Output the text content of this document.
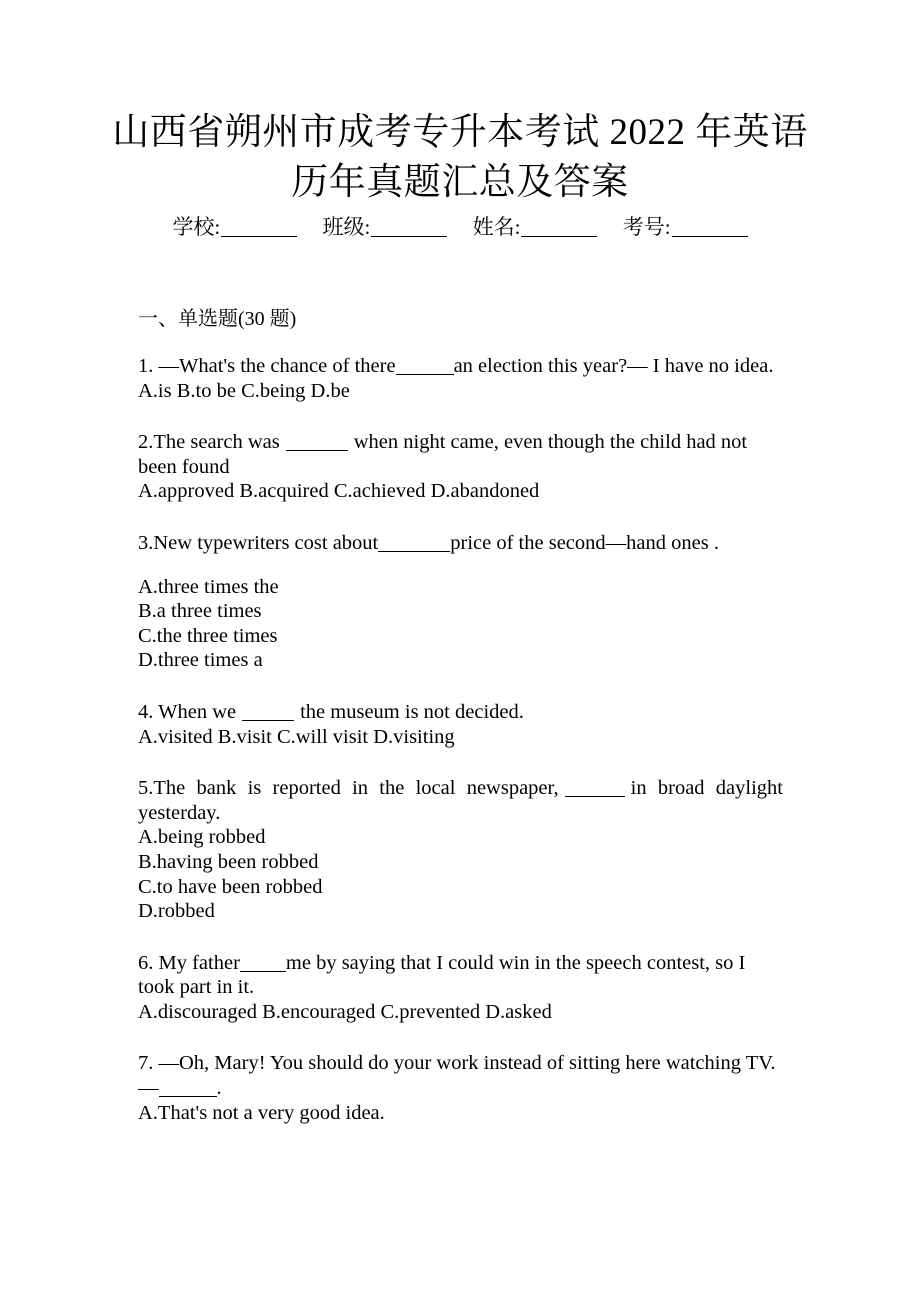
山西省朔州市成考专升本考试 2022 年英语
历年真题汇总及答案
学校:	班级:	姓名:	考号:
一、单选题(30 题)
1. —What's the chance of there	an election this year?— I have no idea.
A.is B.to be C.being D.be
2.The search was	when night came, even though the child had not been found
A.approved B.acquired C.achieved D.abandoned
3.New typewriters cost about	price of the second—hand ones .
A.three times the
B.a three times
C.the three times
D.three times a
4. When we	the museum is not decided.
A.visited B.visit C.will visit D.visiting
5.The bank is reported in the local newspaper,	in broad daylight yesterday.
A.being robbed
B.having been robbed
C.to have been robbed
D.robbed
6. My father me by saying that I could win in the speech contest, so I took part in it.
A.discouraged B.encouraged C.prevented D.asked
7. —Oh, Mary! You should do your work instead of sitting here watching TV.
—	.
A.That's not a very good idea.
